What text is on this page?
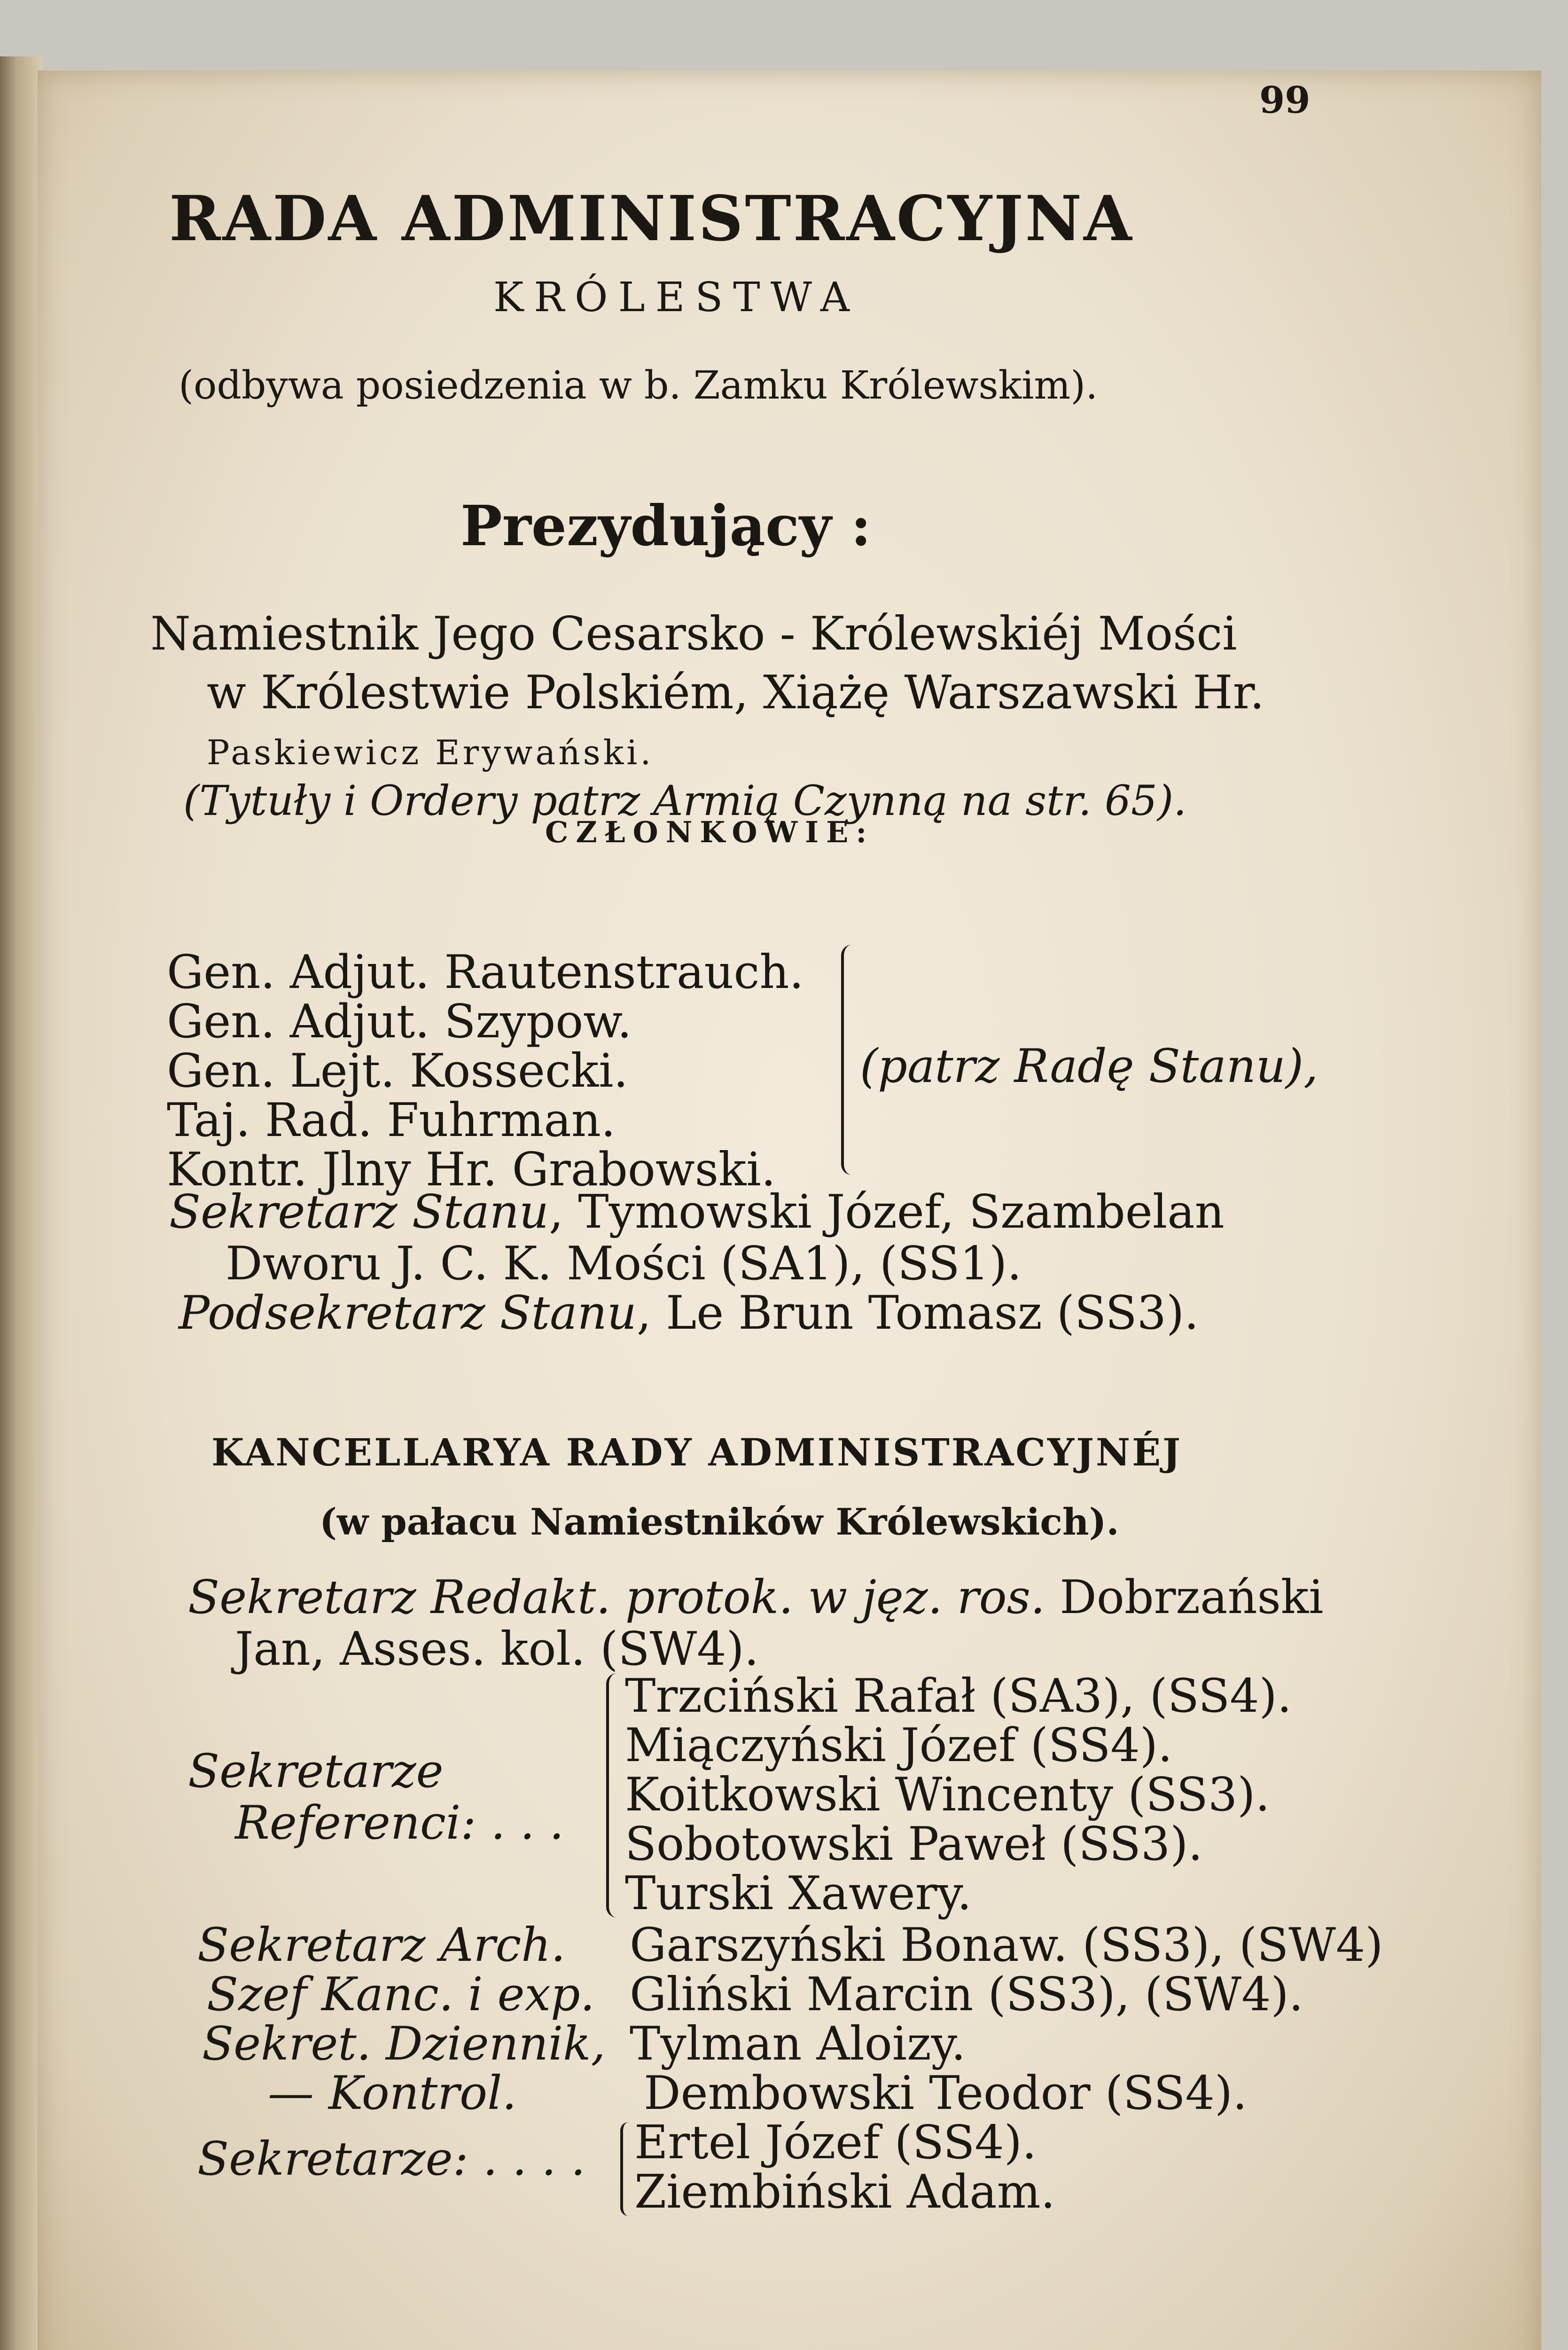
99
RADA ADMINISTRACYJNA
KRÓLESTWA
(odbywa posiedzenia w b. Zamku Królewskim).
Prezydujący :
Namiestnik Jego Cesarsko - Królewskiéj Mości
w Królestwie Polskiém, Xiążę Warszawski Hr.
Paskiewicz Erywański.
(Tytuły i Ordery patrz Armią Czynną na str. 65).
CZŁONKOWIE:
Gen. Adjut. Rautenstrauch.
Gen. Adjut. Szypow.
Gen. Lejt. Kossecki.
Taj. Rad. Fuhrman.
Kontr. Jlny Hr. Grabowski.
(patrz Radę Stanu),
Sekretarz Stanu, Tymowski Józef, Szambelan
Dworu J. C. K. Mości (SA1), (SS1).
Podsekretarz Stanu, Le Brun Tomasz (SS3).
KANCELLARYA RADY ADMINISTRACYJNÉJ
(w pałacu Namiestników Królewskich).
Sekretarz Redakt. protok. w jęz. ros. Dobrzański
Jan, Asses. kol. (SW4).
Sekretarze
Referenci: . . .
Trzciński Rafał (SA3), (SS4).
Miączyński Józef (SS4).
Koitkowski Wincenty (SS3).
Sobotowski Paweł (SS3).
Turski Xawery.
Sekretarz Arch. Garszyński Bonaw. (SS3), (SW4)
Szef Kanc. i exp. Gliński Marcin (SS3), (SW4).
Sekret. Dziennik, Tylman Aloizy.
— Kontrol.	Dembowski Teodor (SS4).
Sekretarze: . . . . Ertel Józef (SS4).
Ziembiński Adam.
